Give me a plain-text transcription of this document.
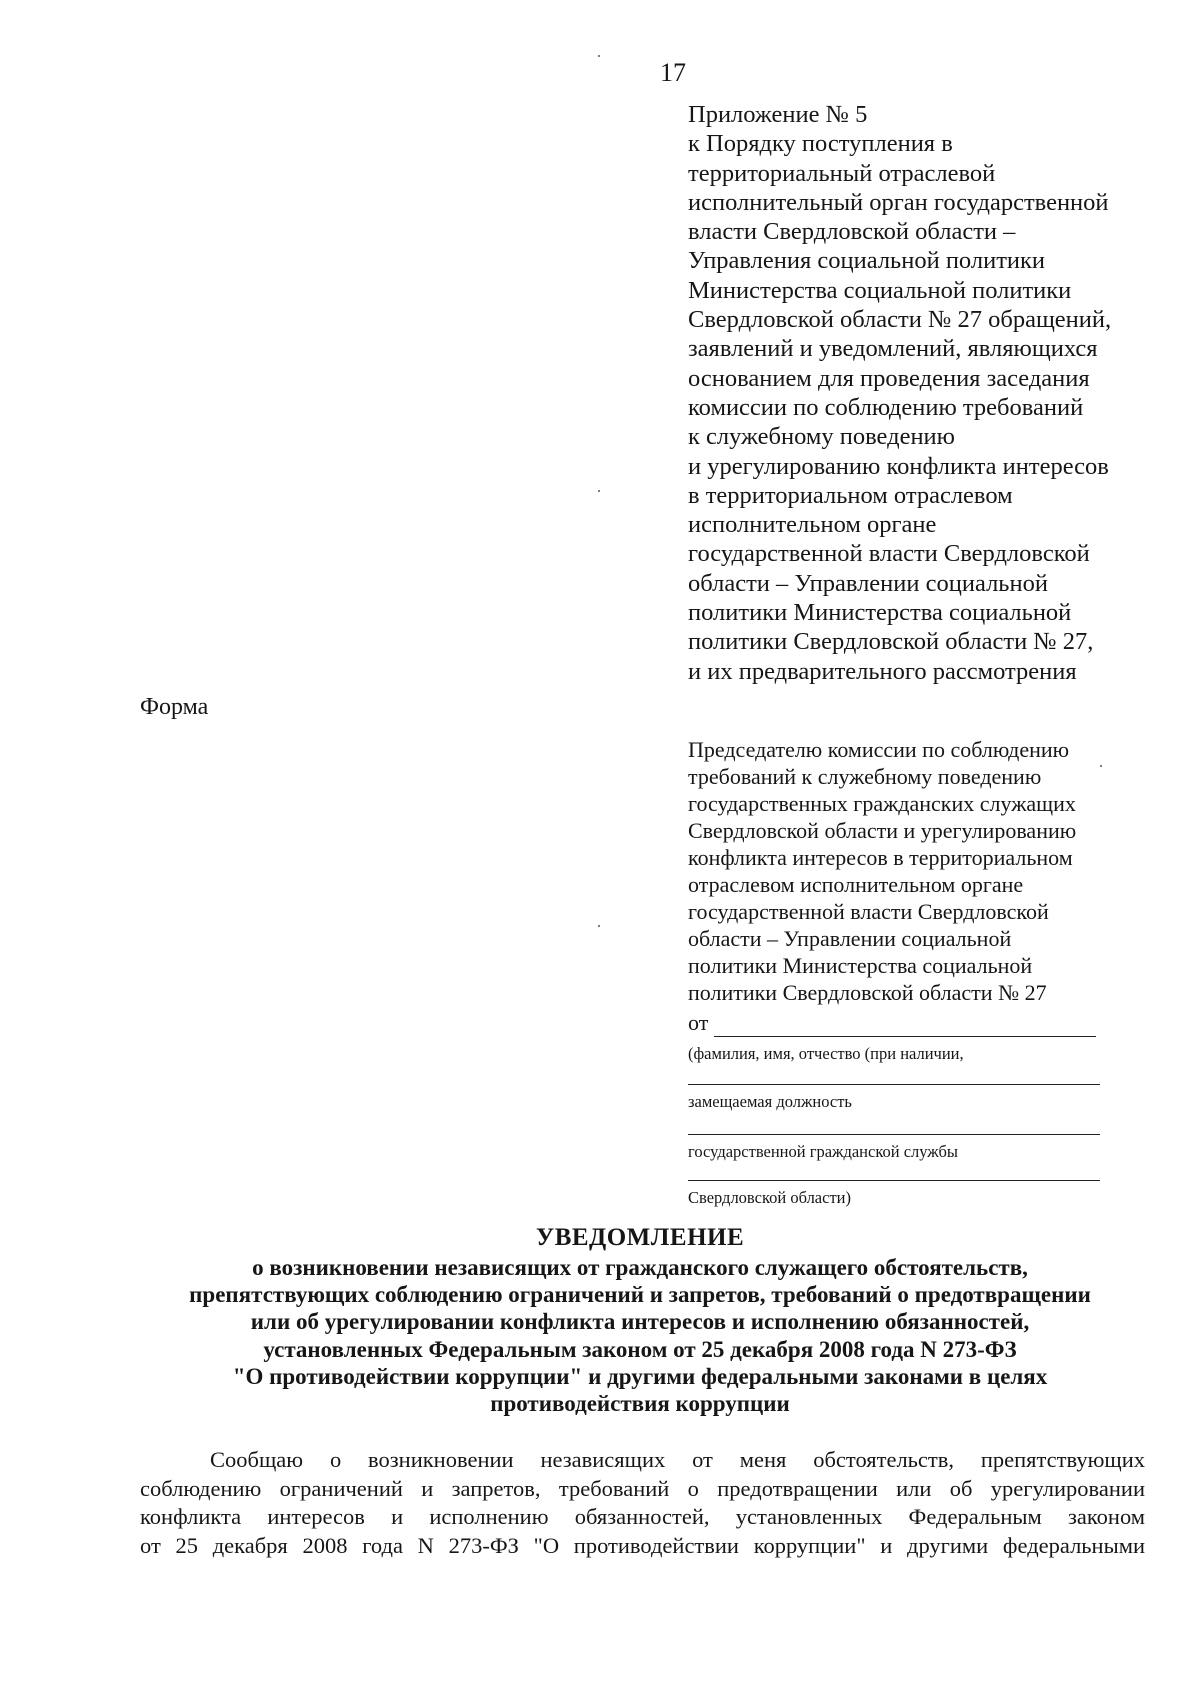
17
Приложение № 5
к Порядку поступления в
территориальный отраслевой
исполнительный орган государственной
власти Свердловской области –
Управления социальной политики
Министерства социальной политики
Свердловской области № 27 обращений,
заявлений и уведомлений, являющихся
основанием для проведения заседания
комиссии по соблюдению требований
к служебному поведению
и урегулированию конфликта интересов
в территориальном отраслевом
исполнительном органе
государственной власти Свердловской
области – Управлении социальной
политики Министерства социальной
политики Свердловской области № 27,
и их предварительного рассмотрения
Форма
Председателю комиссии по соблюдению
требований к служебному поведению
государственных гражданских служащих
Свердловской области и урегулированию
конфликта интересов в территориальном
отраслевом исполнительном органе
государственной власти Свердловской
области – Управлении социальной
политики Министерства социальной
политики Свердловской области № 27
от
(фамилия, имя, отчество (при наличии,
замещаемая должность
государственной гражданской службы
Свердловской области)
УВЕДОМЛЕНИЕ
о возникновении независящих от гражданского служащего обстоятельств,
препятствующих соблюдению ограничений и запретов, требований о предотвращении
или об урегулировании конфликта интересов и исполнению обязанностей,
установленных Федеральным законом от 25 декабря 2008 года N 273-ФЗ
"О противодействии коррупции" и другими федеральными законами в целях
противодействия коррупции
Сообщаю о возникновении независящих от меня обстоятельств, препятствующих
соблюдению ограничений и запретов, требований о предотвращении или об урегулировании
конфликта интересов и исполнению обязанностей, установленных Федеральным законом
от 25 декабря 2008 года N 273-ФЗ "О противодействии коррупции" и другими федеральными
